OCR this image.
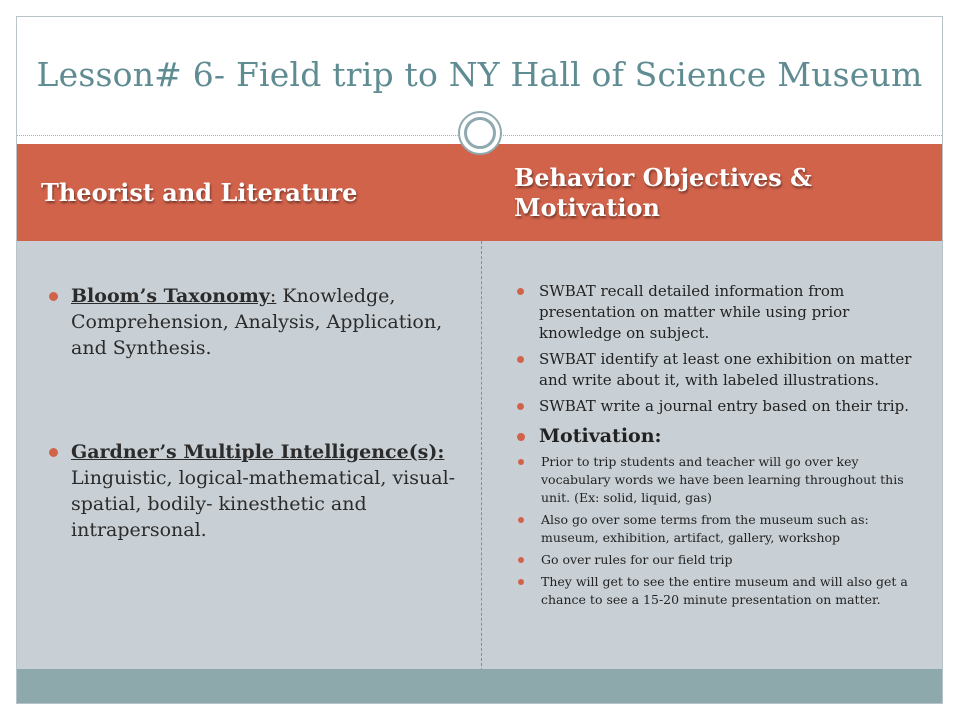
Lesson# 6- Field trip to NY Hall of Science Museum
Theorist and Literature
Behavior Objectives & Motivation
Bloom’s Taxonomy: Knowledge, Comprehension, Analysis, Application, and Synthesis.
Gardner’s Multiple Intelligence(s): Linguistic, logical-mathematical, visual-spatial, bodily- kinesthetic and intrapersonal.
SWBAT recall detailed information from presentation on matter while using prior knowledge on subject.
SWBAT identify at least one exhibition on matter and write about it, with labeled illustrations.
SWBAT write a journal entry based on their trip.
Motivation:
Prior to trip students and teacher will go over key vocabulary words we have been learning throughout this unit. (Ex: solid, liquid, gas)
Also go over some terms from the museum such as: museum, exhibition, artifact, gallery, workshop
Go over rules for our field trip
They will get to see the entire museum and will also get a chance to see a 15-20 minute presentation on matter.
